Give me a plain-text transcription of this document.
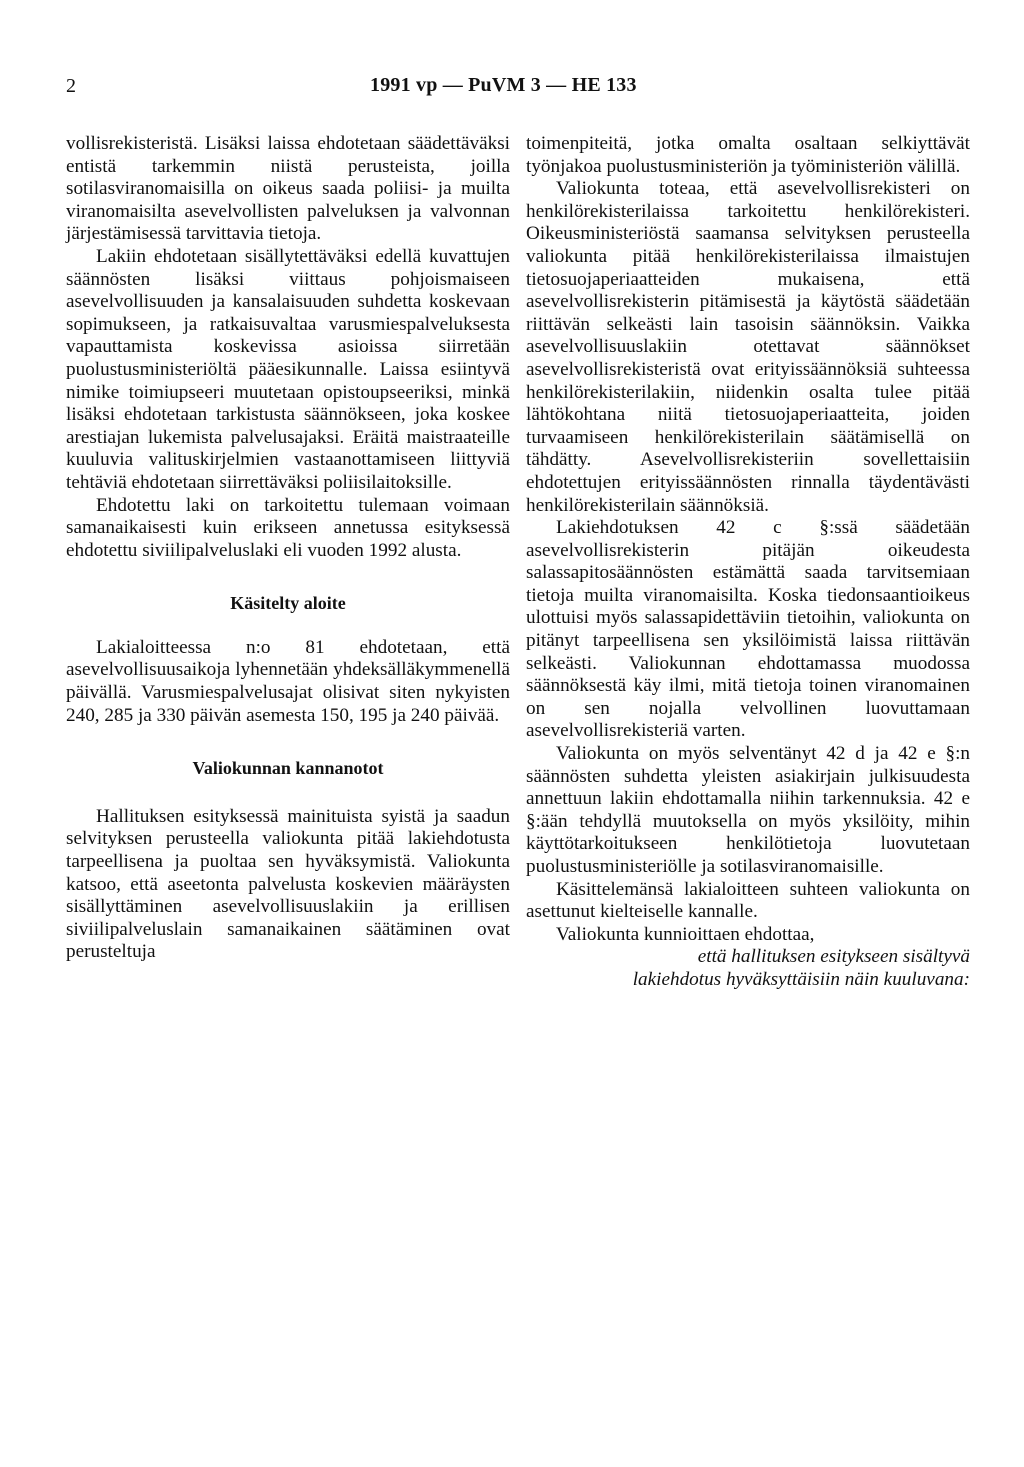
2	1991 vp — PuVM 3 — HE 133

vollisrekisteristä. Lisäksi laissa ehdotetaan säädettäväksi entistä tarkemmin niistä perusteista, joilla sotilasviranomaisilla on oikeus saada poliisi- ja muilta viranomaisilta asevelvollisten palveluksen ja valvonnan järjestämisessä tarvittavia tietoja.

Lakiin ehdotetaan sisällytettäväksi edellä kuvattujen säännösten lisäksi viittaus pohjoismaiseen asevelvollisuuden ja kansalaisuuden suhdetta koskevaan sopimukseen, ja ratkaisuvaltaa varusmiespalveluksesta vapauttamista koskevissa asioissa siirretään puolustusministeriöltä pääesikunnalle. Laissa esiintyvä nimike toimiupseeri muutetaan opistoupseeriksi, minkä lisäksi ehdotetaan tarkistusta säännökseen, joka koskee arestiajan lukemista palvelusajaksi. Eräitä maistraateille kuuluvia valituskirjelmien vastaanottamiseen liittyviä tehtäviä ehdotetaan siirrettäväksi poliisilaitoksille.

Ehdotettu laki on tarkoitettu tulemaan voimaan samanaikaisesti kuin erikseen annetussa esityksessä ehdotettu siviilipalveluslaki eli vuoden 1992 alusta.

Käsitelty aloite

Lakialoitteessa n:o 81 ehdotetaan, että asevelvollisuusaikoja lyhennetään yhdeksälläkymmenellä päivällä. Varusmiespalvelusajat olisivat siten nykyisten 240, 285 ja 330 päivän asemesta 150, 195 ja 240 päivää.

Valiokunnan kannanotot

Hallituksen esityksessä mainituista syistä ja saadun selvityksen perusteella valiokunta pitää lakiehdotusta tarpeellisena ja puoltaa sen hyväksymistä. Valiokunta katsoo, että aseetonta palvelusta koskevien määräysten sisällyttäminen asevelvollisuuslakiin ja erillisen siviilipalveluslain samanaikainen säätäminen ovat perusteltuja

toimenpiteitä, jotka omalta osaltaan selkiyttävät työnjakoa puolustusministeriön ja työministeriön välillä.

Valiokunta toteaa, että asevelvollisrekisteri on henkilörekisterilaissa tarkoitettu henkilörekisteri. Oikeusministeriöstä saamansa selvityksen perusteella valiokunta pitää henkilörekisterilaissa ilmaistujen tietosuojaperiaatteiden mukaisena, että asevelvollisrekisterin pitämisestä ja käytöstä säädetään riittävän selkeästi lain tasoisin säännöksin. Vaikka asevelvollisuuslakiin otettavat säännökset asevelvollisrekisteristä ovat erityissäännöksiä suhteessa henkilörekisterilakiin, niidenkin osalta tulee pitää lähtökohtana niitä tietosuojaperiaatteita, joiden turvaamiseen henkilörekisterilain säätämisellä on tähdätty. Asevelvollisrekisteriin sovellettaisiin ehdotettujen erityissäännösten rinnalla täydentävästi henkilörekisterilain säännöksiä.

Lakiehdotuksen 42 c §:ssä säädetään asevelvollisrekisterin pitäjän oikeudesta salassapitosäännösten estämättä saada tarvitsemiaan tietoja muilta viranomaisilta. Koska tiedonsaantioikeus ulottuisi myös salassapidettäviin tietoihin, valiokunta on pitänyt tarpeellisena sen yksilöimistä laissa riittävän selkeästi. Valiokunnan ehdottamassa muodossa säännöksestä käy ilmi, mitä tietoja toinen viranomainen on sen nojalla velvollinen luovuttamaan asevelvollisrekisteriä varten.

Valiokunta on myös selventänyt 42 d ja 42 e §:n säännösten suhdetta yleisten asiakirjain julkisuudesta annettuun lakiin ehdottamalla niihin tarkennuksia. 42 e §:ään tehdyllä muutoksella on myös yksilöity, mihin käyttötarkoitukseen henkilötietoja luovutetaan puolustusministeriölle ja sotilasviranomaisille.

Käsittelemänsä lakialoitteen suhteen valiokunta on asettunut kielteiselle kannalle.

Valiokunta kunnioittaen ehdottaa,

että hallituksen esitykseen sisältyvä lakiehdotus hyväksyttäisiin näin kuuluvana:
